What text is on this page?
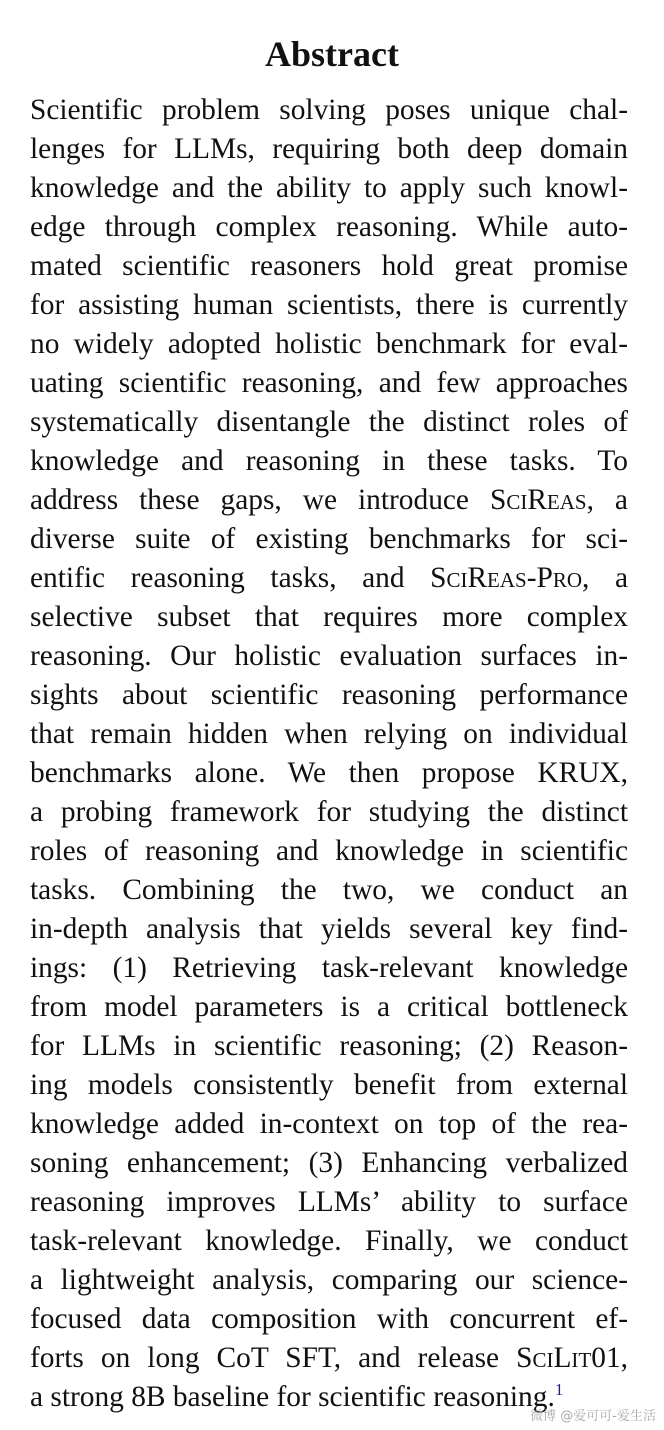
Abstract
Scientific problem solving poses unique chal-
lenges for LLMs, requiring both deep domain
knowledge and the ability to apply such knowl-
edge through complex reasoning. While auto-
mated scientific reasoners hold great promise
for assisting human scientists, there is currently
no widely adopted holistic benchmark for eval-
uating scientific reasoning, and few approaches
systematically disentangle the distinct roles of
knowledge and reasoning in these tasks. To
address these gaps, we introduce SciReas, a
diverse suite of existing benchmarks for sci-
entific reasoning tasks, and SciReas-Pro, a
selective subset that requires more complex
reasoning. Our holistic evaluation surfaces in-
sights about scientific reasoning performance
that remain hidden when relying on individual
benchmarks alone. We then propose KRUX,
a probing framework for studying the distinct
roles of reasoning and knowledge in scientific
tasks. Combining the two, we conduct an
in-depth analysis that yields several key find-
ings: (1) Retrieving task-relevant knowledge
from model parameters is a critical bottleneck
for LLMs in scientific reasoning; (2) Reason-
ing models consistently benefit from external
knowledge added in-context on top of the rea-
soning enhancement; (3) Enhancing verbalized
reasoning improves LLMs’ ability to surface
task-relevant knowledge. Finally, we conduct
a lightweight analysis, comparing our science-
focused data composition with concurrent ef-
forts on long CoT SFT, and release SciLit01,
a strong 8B baseline for scientific reasoning.$^1$
微博 @爱可可-爱生活
